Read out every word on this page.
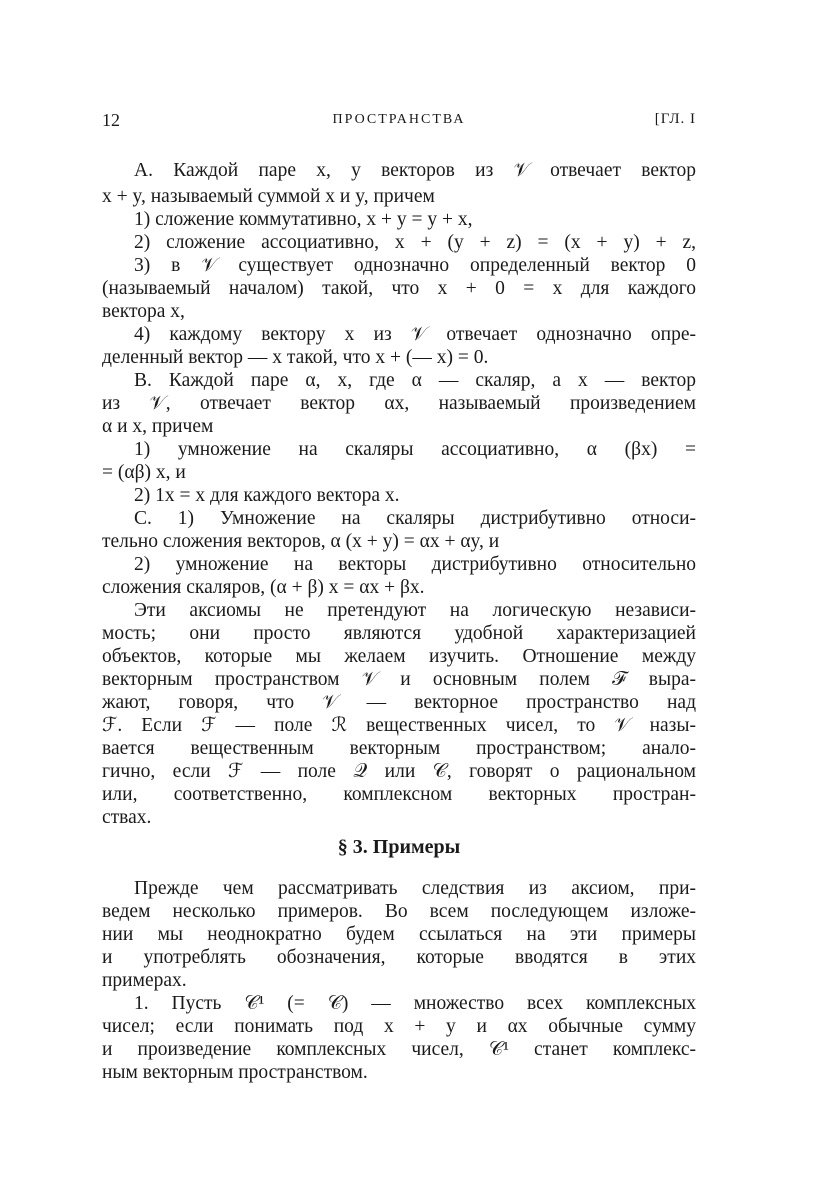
12	ПРОСТРАНСТВА	[ГЛ. I
А. Каждой паре x, y векторов из 𝒱 отвечает вектор
x + y, называемый суммой x и y, причем
1) сложение коммутативно, x + y = y + x,
2) сложение ассоциативно, x + (y + z) = (x + y) + z,
3) в 𝒱 существует однозначно определенный вектор 0
(называемый началом) такой, что x + 0 = x для каждого
вектора x,
4) каждому вектору x из 𝒱 отвечает однозначно опре-
деленный вектор — x такой, что x + (— x) = 0.
В. Каждой паре α, x, где α — скаляр, а x — вектор
из 𝒱, отвечает вектор αx, называемый произведением
α и x, причем
1) умножение на скаляры ассоциативно, α (βx) =
= (αβ) x, и
2) 1x = x для каждого вектора x.
С. 1) Умножение на скаляры дистрибутивно относи-
тельно сложения векторов, α (x + y) = αx + αy, и
2) умножение на векторы дистрибутивно относительно
сложения скаляров, (α + β) x = αx + βx.
Эти аксиомы не претендуют на логическую независи-
мость; они просто являются удобной характеризацией
объектов, которые мы желаем изучить. Отношение между
векторным пространством 𝒱 и основным полем ℱ выра-
жают, говоря, что 𝒱 — векторное пространство над
ℱ. Если ℱ — поле ℛ вещественных чисел, то 𝒱 назы-
вается вещественным векторным пространством; анало-
гично, если ℱ — поле 𝒬 или 𝒞, говорят о рациональном
или, соответственно, комплексном векторных простран-
ствах.
§ 3. Примеры
Прежде чем рассматривать следствия из аксиом, при-
ведем несколько примеров. Во всем последующем изложе-
нии мы неоднократно будем ссылаться на эти примеры
и употреблять обозначения, которые вводятся в этих
примерах.
1. Пусть 𝒞¹ (= 𝒞) — множество всех комплексных
чисел; если понимать под x + y и αx обычные сумму
и произведение комплексных чисел, 𝒞¹ станет комплекс-
ным векторным пространством.
